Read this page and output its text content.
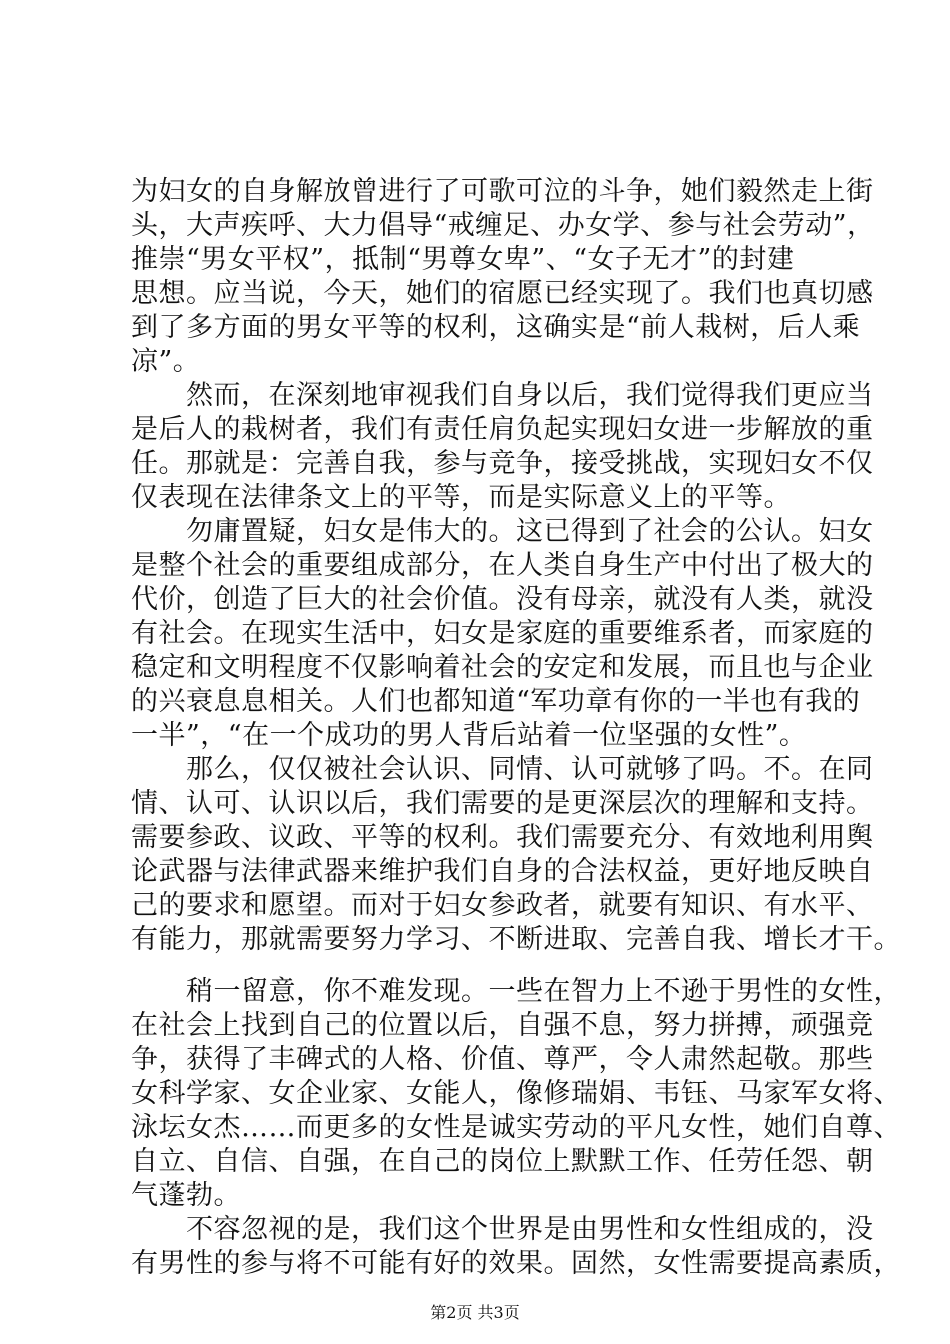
为妇女的自身解放曾进行了可歌可泣的斗争，她们毅然走上街
头，大声疾呼、大力倡导“戒缠足、办女学、参与社会劳动”，
推崇“男女平权”，抵制“男尊女卑”、“女子无才”的封建
思想。应当说，今天，她们的宿愿已经实现了。我们也真切感
到了多方面的男女平等的权利，这确实是“前人栽树，后人乘
凉”。
　　然而，在深刻地审视我们自身以后，我们觉得我们更应当
是后人的栽树者，我们有责任肩负起实现妇女进一步解放的重
任。那就是：完善自我，参与竞争，接受挑战，实现妇女不仅
仅表现在法律条文上的平等，而是实际意义上的平等。
　　勿庸置疑，妇女是伟大的。这已得到了社会的公认。妇女
是整个社会的重要组成部分，在人类自身生产中付出了极大的
代价，创造了巨大的社会价值。没有母亲，就没有人类，就没
有社会。在现实生活中，妇女是家庭的重要维系者，而家庭的
稳定和文明程度不仅影响着社会的安定和发展，而且也与企业
的兴衰息息相关。人们也都知道“军功章有你的一半也有我的
一半”，“在一个成功的男人背后站着一位坚强的女性”。
　　那么，仅仅被社会认识、同情、认可就够了吗。不。在同
情、认可、认识以后，我们需要的是更深层次的理解和支持。
需要参政、议政、平等的权利。我们需要充分、有效地利用舆
论武器与法律武器来维护我们自身的合法权益，更好地反映自
己的要求和愿望。而对于妇女参政者，就要有知识、有水平、
有能力，那就需要努力学习、不断进取、完善自我、增长才干。
　　稍一留意，你不难发现。一些在智力上不逊于男性的女性，
在社会上找到自己的位置以后，自强不息，努力拼搏，顽强竞
争，获得了丰碑式的人格、价值、尊严，令人肃然起敬。那些
女科学家、女企业家、女能人，像修瑞娟、韦钰、马家军女将、
泳坛女杰……而更多的女性是诚实劳动的平凡女性，她们自尊、
自立、自信、自强，在自己的岗位上默默工作、任劳任怨、朝
气蓬勃。
　　不容忽视的是，我们这个世界是由男性和女性组成的，没
有男性的参与将不可能有好的效果。固然，女性需要提高素质，
第2页 共3页
